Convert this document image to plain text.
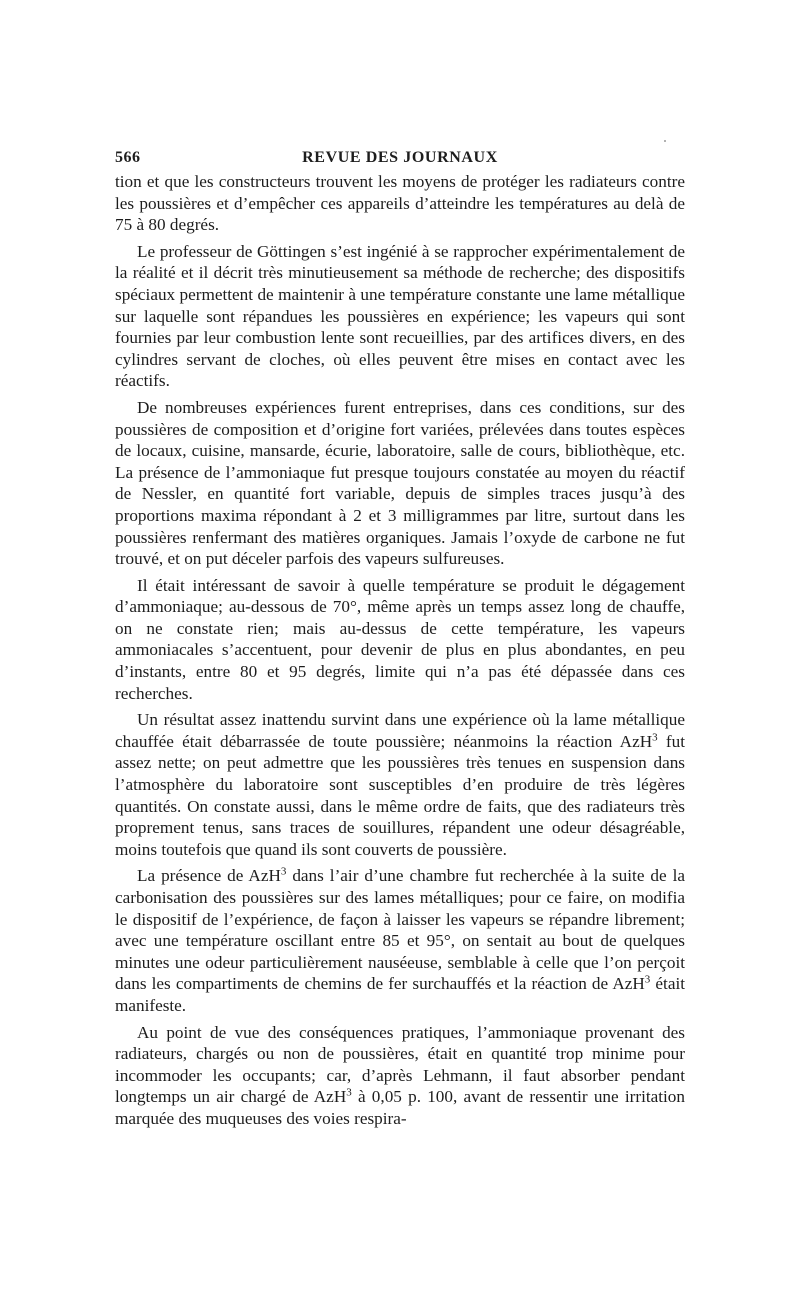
566	REVUE DES JOURNAUX

tion et que les constructeurs trouvent les moyens de protéger les radiateurs contre les poussières et d’empêcher ces appareils d’atteindre les températures au delà de 75 à 80 degrés.

Le professeur de Göttingen s’est ingénié à se rapprocher expérimentalement de la réalité et il décrit très minutieusement sa méthode de recherche; des dispositifs spéciaux permettent de maintenir à une température constante une lame métallique sur laquelle sont répandues les poussières en expérience; les vapeurs qui sont fournies par leur combustion lente sont recueillies, par des artifices divers, en des cylindres servant de cloches, où elles peuvent être mises en contact avec les réactifs.

De nombreuses expériences furent entreprises, dans ces conditions, sur des poussières de composition et d’origine fort variées, prélevées dans toutes espèces de locaux, cuisine, mansarde, écurie, laboratoire, salle de cours, bibliothèque, etc. La présence de l’ammoniaque fut presque toujours constatée au moyen du réactif de Nessler, en quantité fort variable, depuis de simples traces jusqu’à des proportions maxima répondant à 2 et 3 milligrammes par litre, surtout dans les poussières renfermant des matières organiques. Jamais l’oxyde de carbone ne fut trouvé, et on put déceler parfois des vapeurs sulfureuses.

Il était intéressant de savoir à quelle température se produit le dégagement d’ammoniaque; au-dessous de 70°, même après un temps assez long de chauffe, on ne constate rien; mais au-dessus de cette température, les vapeurs ammoniacales s’accentuent, pour devenir de plus en plus abondantes, en peu d’instants, entre 80 et 95 degrés, limite qui n’a pas été dépassée dans ces recherches.

Un résultat assez inattendu survint dans une expérience où la lame métallique chauffée était débarrassée de toute poussière; néanmoins la réaction AzH$^3$ fut assez nette; on peut admettre que les poussières très tenues en suspension dans l’atmosphère du laboratoire sont susceptibles d’en produire de très légères quantités. On constate aussi, dans le même ordre de faits, que des radiateurs très proprement tenus, sans traces de souillures, répandent une odeur désagréable, moins toutefois que quand ils sont couverts de poussière.

La présence de AzH$^3$ dans l’air d’une chambre fut recherchée à la suite de la carbonisation des poussières sur des lames métalliques; pour ce faire, on modifia le dispositif de l’expérience, de façon à laisser les vapeurs se répandre librement; avec une température oscillant entre 85 et 95°, on sentait au bout de quelques minutes une odeur particulièrement nauséeuse, semblable à celle que l’on perçoit dans les compartiments de chemins de fer surchauffés et la réaction de AzH$^3$ était manifeste.

Au point de vue des conséquences pratiques, l’ammoniaque provenant des radiateurs, chargés ou non de poussières, était en quantité trop minime pour incommoder les occupants; car, d’après Lehmann, il faut absorber pendant longtemps un air chargé de AzH$^3$ à 0,05 p. 100, avant de ressentir une irritation marquée des muqueuses des voies respira-
